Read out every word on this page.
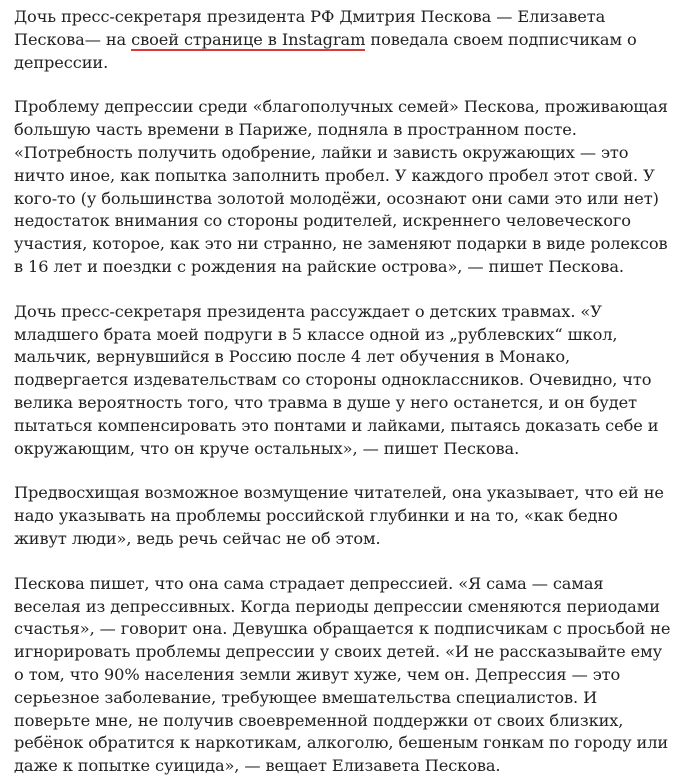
Дочь пресс-секретаря президента РФ Дмитрия Пескова — Елизавета Пескова— на своей странице в Instagram поведала своем подписчикам о депрессии.

Проблему депрессии среди «благополучных семей» Пескова, проживающая большую часть времени в Париже, подняла в пространном посте. «Потребность получить одобрение, лайки и зависть окружающих — это ничто иное, как попытка заполнить пробел. У каждого пробел этот свой. У кого-то (у большинства золотой молодёжи, осознают они сами это или нет) недостаток внимания со стороны родителей, искреннего человеческого участия, которое, как это ни странно, не заменяют подарки в виде ролексов в 16 лет и поездки с рождения на райские острова», — пишет Пескова.

Дочь пресс-секретаря президента рассуждает о детских травмах. «У младшего брата моей подруги в 5 классе одной из „рублевских“ школ, мальчик, вернувшийся в Россию после 4 лет обучения в Монако, подвергается издевательствам со стороны одноклассников. Очевидно, что велика вероятность того, что травма в душе у него останется, и он будет пытаться компенсировать это понтами и лайками, пытаясь доказать себе и окружающим, что он круче остальных», — пишет Пескова.

Предвосхищая возможное возмущение читателей, она указывает, что ей не надо указывать на проблемы российской глубинки и на то, «как бедно живут люди», ведь речь сейчас не об этом.

Пескова пишет, что она сама страдает депрессией. «Я сама — самая веселая из депрессивных. Когда периоды депрессии сменяются периодами счастья», — говорит она. Девушка обращается к подписчикам с просьбой не игнорировать проблемы депрессии у своих детей. «И не рассказывайте ему о том, что 90% населения земли живут хуже, чем он. Депрессия — это серьезное заболевание, требующее вмешательства специалистов. И поверьте мне, не получив своевременной поддержки от своих близких, ребёнок обратится к наркотикам, алкоголю, бешеным гонкам по городу или даже к попытке суицида», — вещает Елизавета Пескова.
